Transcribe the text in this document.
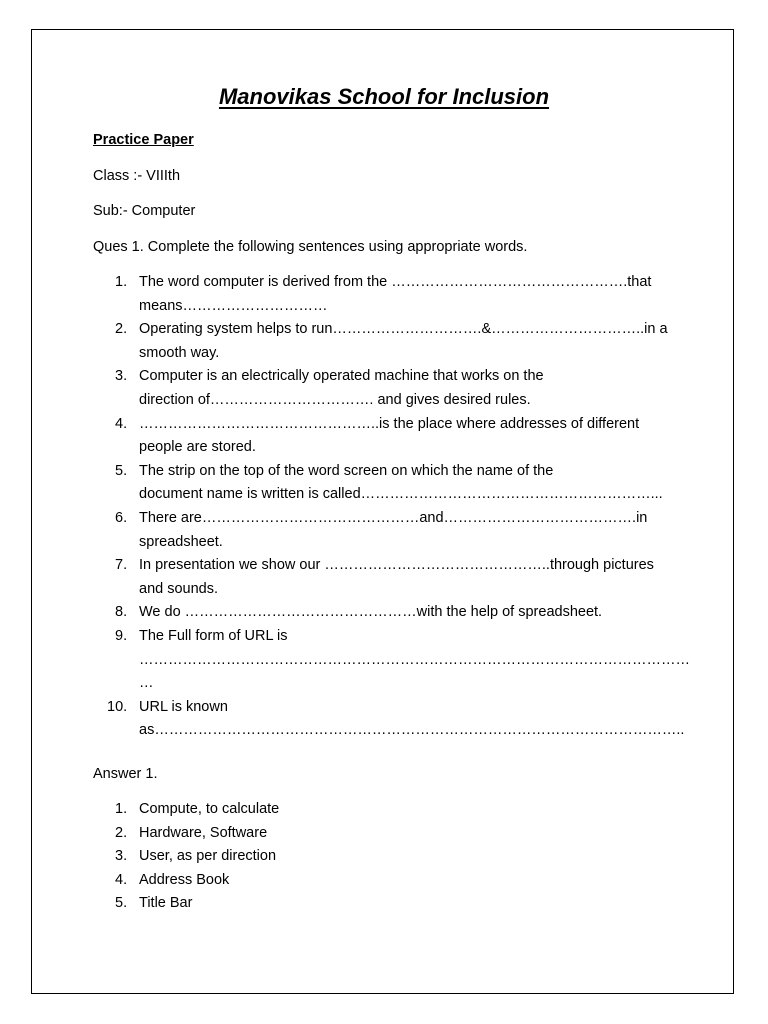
Manovikas School for Inclusion
Practice Paper
Class :- VIIIth
Sub:- Computer
Ques 1. Complete the following sentences using appropriate words.
1. The word computer is derived from the ………………………………………….that
means…………………………
2. Operating system helps to run………………………….&…………………………..in a
smooth way.
3. Computer is an electrically operated machine that works on the
direction of……………………………. and gives desired rules.
4. …………………………………………..is the place where addresses of different
people are stored.
5. The strip on the top of the word screen on which the name of the
document name is written is called……………………………………………………...
6. There are………………………………………and………………………………….in
spreadsheet.
7. In presentation we show our ………………………………………..through pictures
and sounds.
8. We do …………………………………………with the help of spreadsheet.
9. The Full form of URL is
……………………………………………………………………………………………………
…
10. URL is known
as………………………………………………………………………………………………..
Answer 1.
1. Compute, to calculate
2. Hardware, Software
3. User, as per direction
4. Address Book
5. Title Bar
